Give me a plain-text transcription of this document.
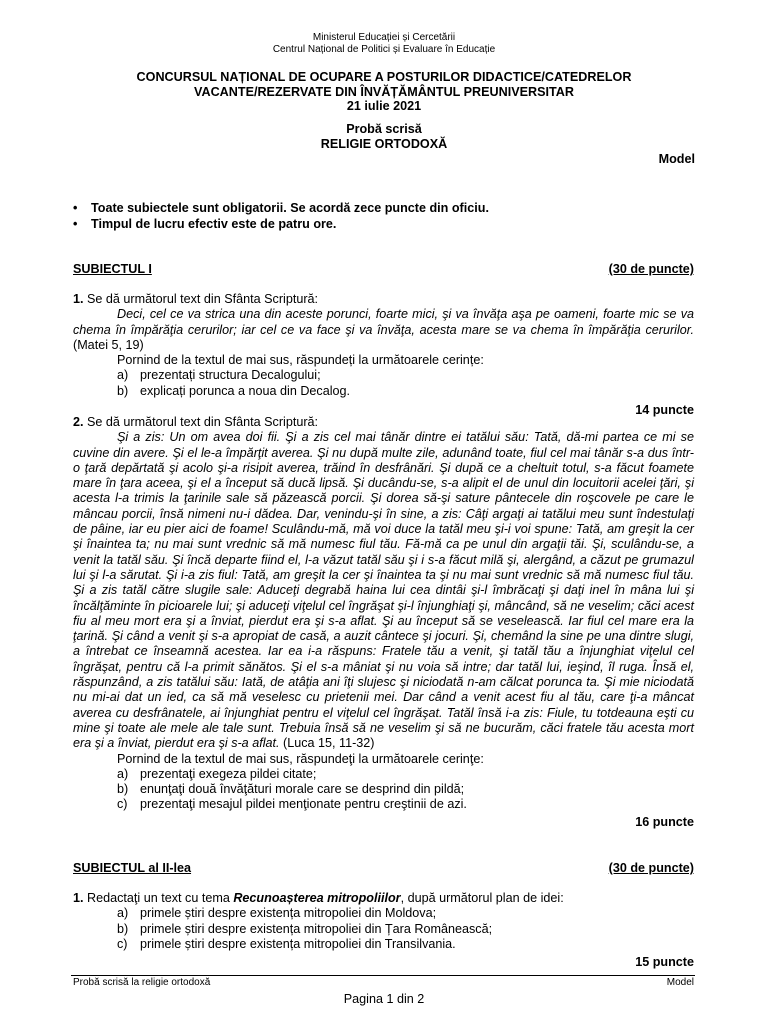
Ministerul Educației și Cercetării
Centrul Național de Politici și Evaluare în Educație
CONCURSUL NAȚIONAL DE OCUPARE A POSTURILOR DIDACTICE/CATEDRELOR
VACANTE/REZERVATE DIN ÎNVĂȚĂMÂNTUL PREUNIVERSITAR
21 iulie 2021
Probă scrisă
RELIGIE ORTODOXĂ
Model
• Toate subiectele sunt obligatorii. Se acordă zece puncte din oficiu.
• Timpul de lucru efectiv este de patru ore.
SUBIECTUL I	(30 de puncte)

1. Se dă următorul text din Sfânta Scriptură:

Deci, cel ce va strica una din aceste porunci, foarte mici, şi va învăţa aşa pe oameni, foarte mic se va chema în împărăţia cerurilor; iar cel ce va face şi va învăţa, acesta mare se va chema în împărăţia cerurilor. (Matei 5, 19)

Pornind de la textul de mai sus, răspundeți la următoarele cerințe:

a) prezentați structura Decalogului;
b) explicați porunca a noua din Decalog.

14 puncte

2. Se dă următorul text din Sfânta Scriptură:

Şi a zis: Un om avea doi fii. Şi a zis cel mai tânăr dintre ei tatălui său: Tată, dă-mi partea ce mi se cuvine din avere. Şi el le-a împărţit averea. Şi nu după multe zile, adunând toate, fiul cel mai tânăr s-a dus într-o ţară depărtată şi acolo şi-a risipit averea, trăind în desfrânări. Şi după ce a cheltuit totul, s-a făcut foamete mare în ţara aceea, şi el a început să ducă lipsă. Şi ducându-se, s-a alipit el de unul din locuitorii acelei ţări, şi acesta l-a trimis la ţarinile sale să păzească porcii. Şi dorea să-şi sature pântecele din roşcovele pe care le mâncau porcii, însă nimeni nu-i dădea. Dar, venindu-şi în sine, a zis: Câţi argaţi ai tatălui meu sunt îndestulaţi de pâine, iar eu pier aici de foame! Sculându-mă, mă voi duce la tatăl meu şi-i voi spune: Tată, am greşit la cer şi înaintea ta; nu mai sunt vrednic să mă numesc fiul tău. Fă-mă ca pe unul din argaţii tăi. Şi, sculându-se, a venit la tatăl său. Şi încă departe fiind el, l-a văzut tatăl său şi i s-a făcut milă şi, alergând, a căzut pe grumazul lui şi l-a sărutat. Şi i-a zis fiul: Tată, am greşit la cer şi înaintea ta şi nu mai sunt vrednic să mă numesc fiul tău. Şi a zis tatăl către slugile sale: Aduceţi degrabă haina lui cea dintâi şi-l îmbrăcaţi şi daţi inel în mâna lui şi încălţăminte în picioarele lui; şi aduceţi viţelul cel îngrăşat şi-l înjunghiaţi şi, mâncând, să ne veselim; căci acest fiu al meu mort era şi a înviat, pierdut era şi s-a aflat. Şi au început să se veselească. Iar fiul cel mare era la ţarină. Şi când a venit şi s-a apropiat de casă, a auzit cântece şi jocuri. Şi, chemând la sine pe una dintre slugi, a întrebat ce înseamnă acestea. Iar ea i-a răspuns: Fratele tău a venit, şi tatăl tău a înjunghiat viţelul cel îngrăşat, pentru că l-a primit sănătos. Şi el s-a mâniat şi nu voia să intre; dar tatăl lui, ieşind, îl ruga. Însă el, răspunzând, a zis tatălui său: Iată, de atâţia ani îţi slujesc şi niciodată n-am călcat porunca ta. Şi mie niciodată nu mi-ai dat un ied, ca să mă veselesc cu prietenii mei. Dar când a venit acest fiu al tău, care ţi-a mâncat averea cu desfrânatele, ai înjunghiat pentru el viţelul cel îngrăşat. Tatăl însă i-a zis: Fiule, tu totdeauna eşti cu mine şi toate ale mele ale tale sunt. Trebuia însă să ne veselim şi să ne bucurăm, căci fratele tău acesta mort era şi a înviat, pierdut era şi s-a aflat. (Luca 15, 11-32)

Pornind de la textul de mai sus, răspundeţi la următoarele cerinţe:

a) prezentaţi exegeza pildei citate;
b) enunţaţi două învăţături morale care se desprind din pildă;
c) prezentaţi mesajul pildei menţionate pentru creştinii de azi.

16 puncte

SUBIECTUL al II-lea	(30 de puncte)

1. Redactaţi un text cu tema Recunoașterea mitropoliilor, după următorul plan de idei:

a) primele știri despre existența mitropoliei din Moldova;
b) primele știri despre existența mitropoliei din Țara Românească;
c) primele știri despre existența mitropoliei din Transilvania.

15 puncte

Probă scrisă la religie ortodoxă	Model
Pagina 1 din 2
